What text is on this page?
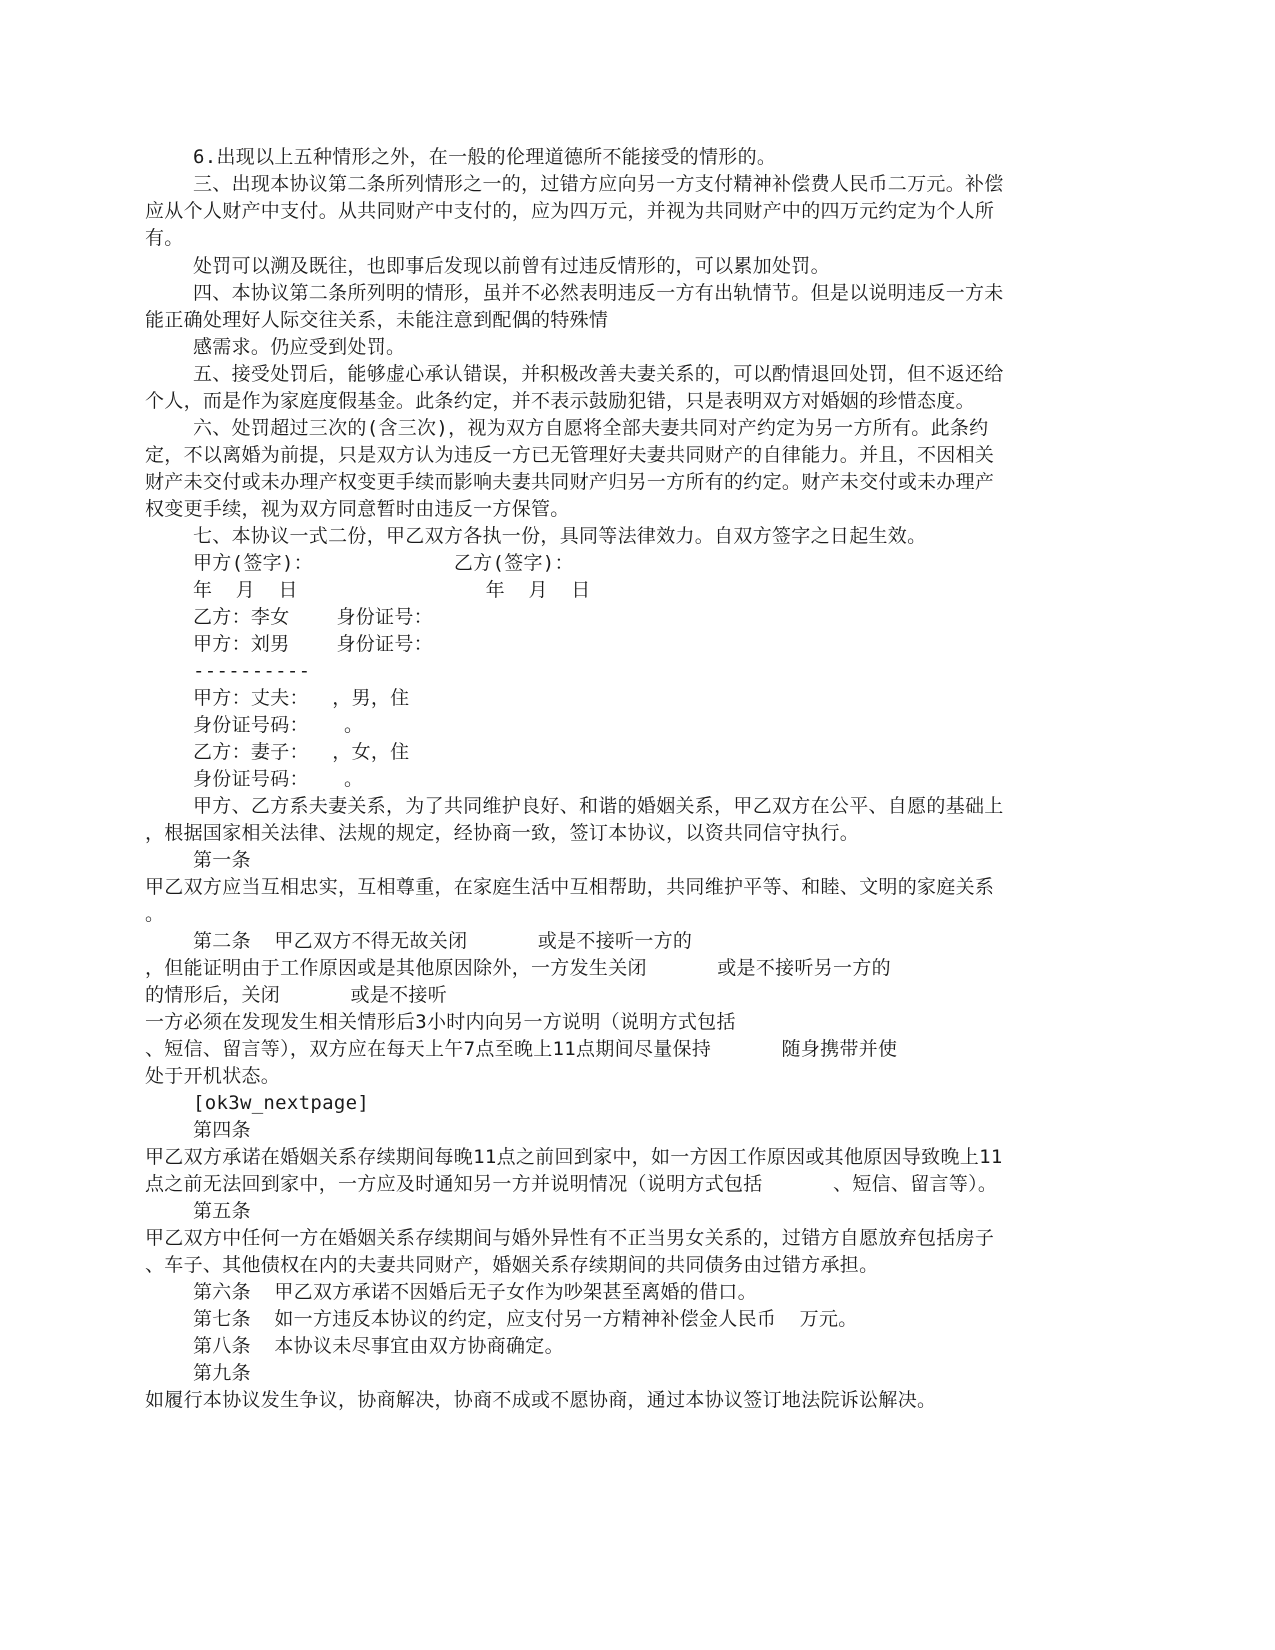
6.出现以上五种情形之外，在一般的伦理道德所不能接受的情形的。

三、出现本协议第二条所列情形之一的，过错方应向另一方支付精神补偿费人民币二万元。补偿

应从个人财产中支付。从共同财产中支付的，应为四万元，并视为共同财产中的四万元约定为个人所

有。

处罚可以溯及既往，也即事后发现以前曾有过违反情形的，可以累加处罚。

四、本协议第二条所列明的情形，虽并不必然表明违反一方有出轨情节。但是以说明违反一方未

能正确处理好人际交往关系，未能注意到配偶的特殊情

感需求。仍应受到处罚。

五、接受处罚后，能够虚心承认错误，并积极改善夫妻关系的，可以酌情退回处罚，但不返还给

个人，而是作为家庭度假基金。此条约定，并不表示鼓励犯错，只是表明双方对婚姻的珍惜态度。

六、处罚超过三次的(含三次)，视为双方自愿将全部夫妻共同对产约定为另一方所有。此条约

定，不以离婚为前提，只是双方认为违反一方已无管理好夫妻共同财产的自律能力。并且，不因相关

财产未交付或未办理产权变更手续而影响夫妻共同财产归另一方所有的约定。财产未交付或未办理产

权变更手续，视为双方同意暂时由违反一方保管。

七、本协议一式二份，甲乙双方各执一份，具同等法律效力。自双方签字之日起生效。

甲方(签字)：            乙方(签字)：

年  月  日                年  月  日

乙方：李女    身份证号：

甲方：刘男    身份证号：

----------

甲方：丈夫：  ，男，住

身份证号码：   。

乙方：妻子：  ，女，住

身份证号码：   。

甲方、乙方系夫妻关系，为了共同维护良好、和谐的婚姻关系，甲乙双方在公平、自愿的基础上

，根据国家相关法律、法规的规定，经协商一致，签订本协议，以资共同信守执行。

第一条

甲乙双方应当互相忠实，互相尊重，在家庭生活中互相帮助，共同维护平等、和睦、文明的家庭关系

。

第二条  甲乙双方不得无故关闭      或是不接听一方的

，但能证明由于工作原因或是其他原因除外，一方发生关闭      或是不接听另一方的

的情形后，关闭      或是不接听

一方必须在发现发生相关情形后3小时内向另一方说明（说明方式包括

、短信、留言等），双方应在每天上午7点至晚上11点期间尽量保持      随身携带并使

处于开机状态。

[ok3w_nextpage]

第四条

甲乙双方承诺在婚姻关系存续期间每晚11点之前回到家中，如一方因工作原因或其他原因导致晚上11

点之前无法回到家中，一方应及时通知另一方并说明情况（说明方式包括      、短信、留言等）。

第五条

甲乙双方中任何一方在婚姻关系存续期间与婚外异性有不正当男女关系的，过错方自愿放弃包括房子

、车子、其他债权在内的夫妻共同财产，婚姻关系存续期间的共同债务由过错方承担。

第六条  甲乙双方承诺不因婚后无子女作为吵架甚至离婚的借口。

第七条  如一方违反本协议的约定，应支付另一方精神补偿金人民币  万元。

第八条  本协议未尽事宜由双方协商确定。

第九条

如履行本协议发生争议，协商解决，协商不成或不愿协商，通过本协议签订地法院诉讼解决。
